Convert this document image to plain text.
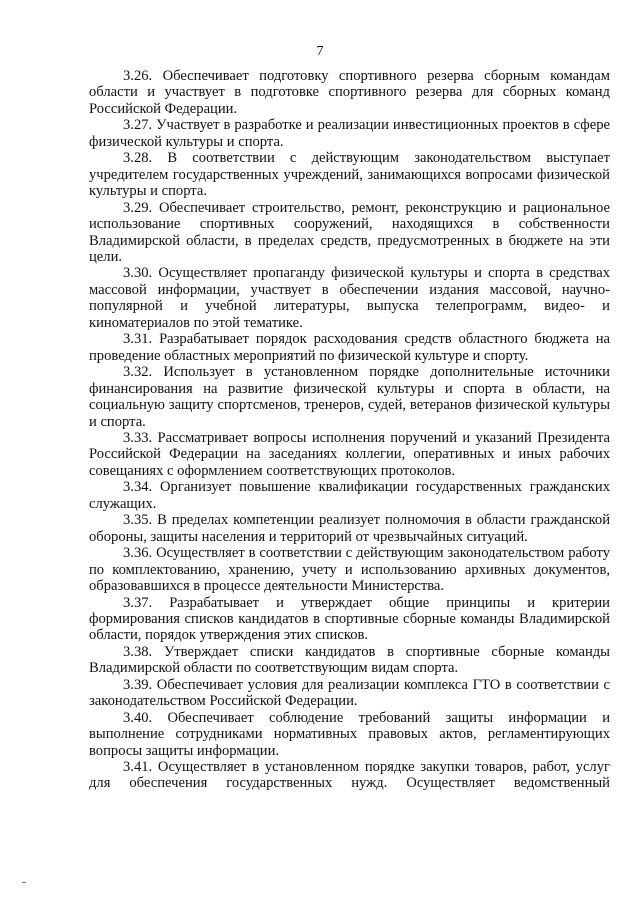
7

3.26. Обеспечивает подготовку спортивного резерва сборным командам области и участвует в подготовке спортивного резерва для сборных команд Российской Федерации.

3.27. Участвует в разработке и реализации инвестиционных проектов в сфере физической культуры и спорта.

3.28. В соответствии с действующим законодательством выступает учредителем государственных учреждений, занимающихся вопросами физической культуры и спорта.

3.29. Обеспечивает строительство, ремонт, реконструкцию и рациональное использование спортивных сооружений, находящихся в собственности Владимирской области, в пределах средств, предусмотренных в бюджете на эти цели.

3.30. Осуществляет пропаганду физической культуры и спорта в средствах массовой информации, участвует в обеспечении издания массовой, научно-популярной и учебной литературы, выпуска телепрограмм, видео- и киноматериалов по этой тематике.

3.31. Разрабатывает порядок расходования средств областного бюджета на проведение областных мероприятий по физической культуре и спорту.

3.32. Использует в установленном порядке дополнительные источники финансирования на развитие физической культуры и спорта в области, на социальную защиту спортсменов, тренеров, судей, ветеранов физической культуры и спорта.

3.33. Рассматривает вопросы исполнения поручений и указаний Президента Российской Федерации на заседаниях коллегии, оперативных и иных рабочих совещаниях с оформлением соответствующих протоколов.

3.34. Организует повышение квалификации государственных гражданских служащих.

3.35. В пределах компетенции реализует полномочия в области гражданской обороны, защиты населения и территорий от чрезвычайных ситуаций.

3.36. Осуществляет в соответствии с действующим законодательством работу по комплектованию, хранению, учету и использованию архивных документов, образовавшихся в процессе деятельности Министерства.

3.37. Разрабатывает и утверждает общие принципы и критерии формирования списков кандидатов в спортивные сборные команды Владимирской области, порядок утверждения этих списков.

3.38. Утверждает списки кандидатов в спортивные сборные команды Владимирской области по соответствующим видам спорта.

3.39. Обеспечивает условия для реализации комплекса ГТО в соответствии с законодательством Российской Федерации.

3.40. Обеспечивает соблюдение требований защиты информации и выполнение сотрудниками нормативных правовых актов, регламентирующих вопросы защиты информации.

3.41. Осуществляет в установленном порядке закупки товаров, работ, услуг для обеспечения государственных нужд. Осуществляет ведомственный
